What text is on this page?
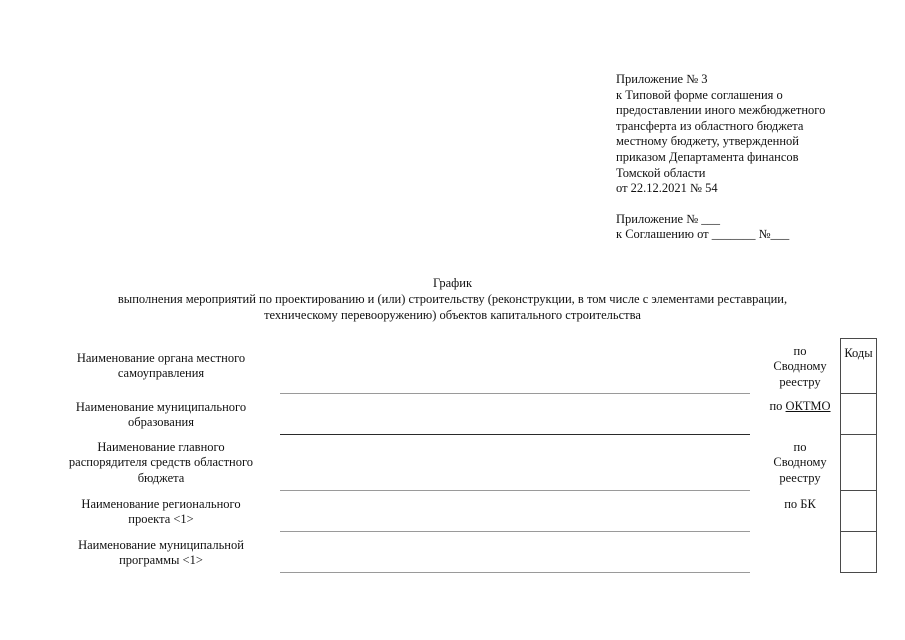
Приложение № 3
к Типовой форме соглашения о
предоставлении иного межбюджетного
трансферта из областного бюджета
местному бюджету, утвержденной
приказом Департамента финансов
Томской области
от 22.12.2021 № 54
Приложение № ___
к Соглашению от _______ №___
График
выполнения мероприятий по проектированию и (или) строительству (реконструкции, в том числе с элементами реставрации,
техническому перевооружению) объектов капитального строительства
Наименование органа местного
самоуправления
Наименование муниципального
образования
Наименование главного
распорядителя средств областного
бюджета
Наименование регионального
проекта <1>
Наименование муниципальной
программы <1>
по
Сводному
реестру
по ОКТМО
по
Сводному
реестру
по БК
Коды
